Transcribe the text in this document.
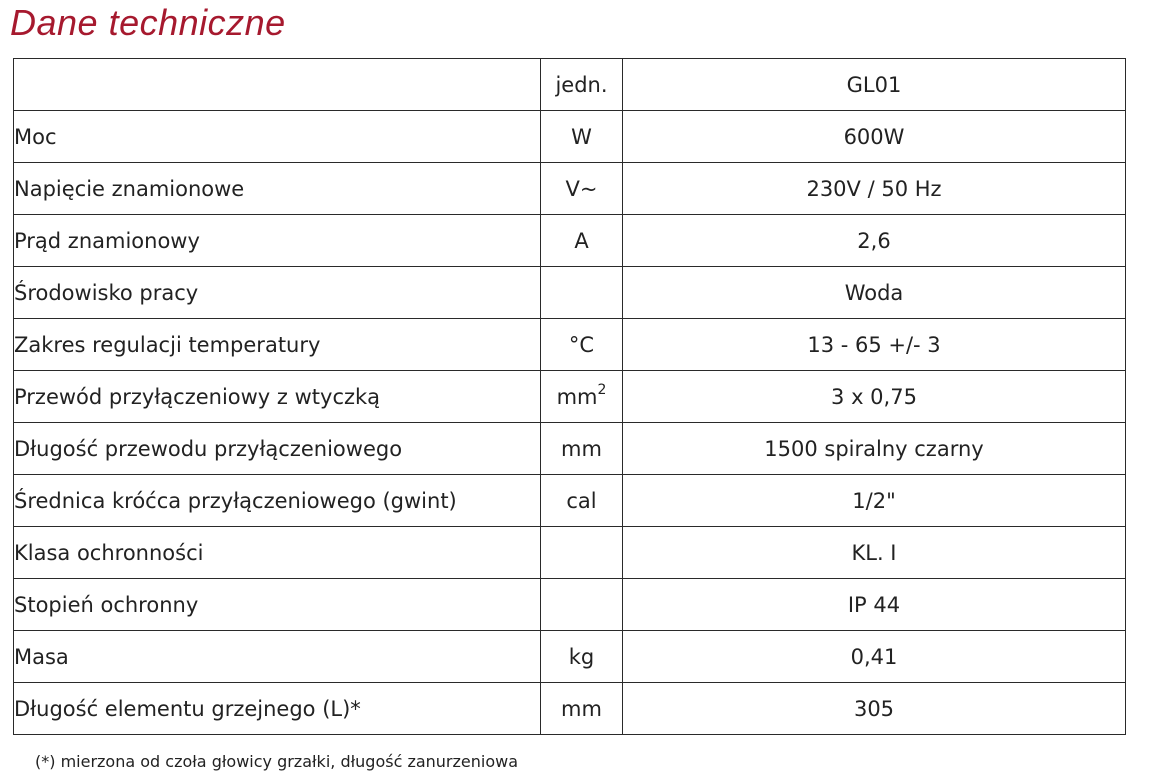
Dane techniczne
	jedn.	GL01
Moc	W	600W
Napięcie znamionowe	V~	230V / 50 Hz
Prąd znamionowy	A	2,6
Środowisko pracy		Woda
Zakres regulacji temperatury	°C	13 - 65 +/- 3
Przewód przyłączeniowy z wtyczką	$mm^2$	3 x 0,75
Długość przewodu przyłączeniowego	mm	1500 spiralny czarny
Średnica króćca przyłączeniowego (gwint)	cal	1/2"
Klasa ochronności		KL. I
Stopień ochronny		IP 44
Masa	kg	0,41
Długość elementu grzejnego (L)*	mm	305
(*) mierzona od czoła głowicy grzałki, długość zanurzeniowa
